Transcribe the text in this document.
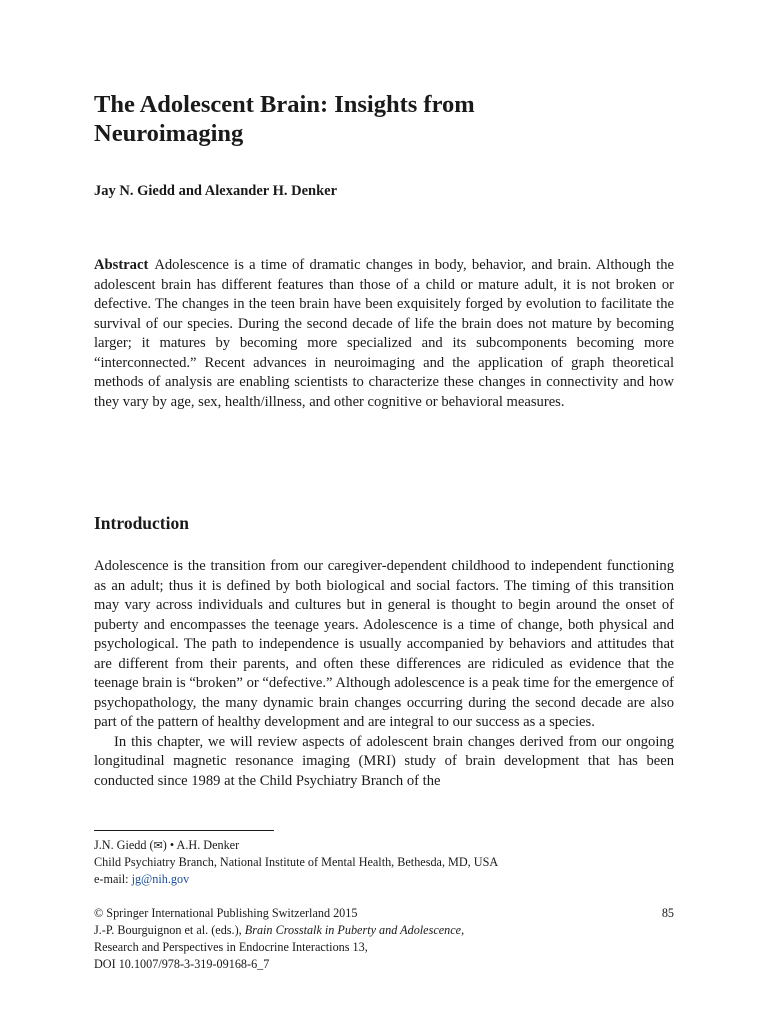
The Adolescent Brain: Insights from
Neuroimaging

Jay N. Giedd and Alexander H. Denker

Abstract Adolescence is a time of dramatic changes in body, behavior, and brain. Although the adolescent brain has different features than those of a child or mature adult, it is not broken or defective. The changes in the teen brain have been exquisitely forged by evolution to facilitate the survival of our species. During the second decade of life the brain does not mature by becoming larger; it matures by becoming more specialized and its subcomponents becoming more “interconnected.” Recent advances in neuroimaging and the application of graph theoretical methods of analysis are enabling scientists to characterize these changes in connectivity and how they vary by age, sex, health/illness, and other cognitive or behavioral measures.

Introduction

Adolescence is the transition from our caregiver-dependent childhood to independent functioning as an adult; thus it is defined by both biological and social factors. The timing of this transition may vary across individuals and cultures but in general is thought to begin around the onset of puberty and encompasses the teenage years. Adolescence is a time of change, both physical and psychological. The path to independence is usually accompanied by behaviors and attitudes that are different from their parents, and often these differences are ridiculed as evidence that the teenage brain is “broken” or “defective.” Although adolescence is a peak time for the emergence of psychopathology, the many dynamic brain changes occurring during the second decade are also part of the pattern of healthy development and are integral to our success as a species.

In this chapter, we will review aspects of adolescent brain changes derived from our ongoing longitudinal magnetic resonance imaging (MRI) study of brain development that has been conducted since 1989 at the Child Psychiatry Branch of the

J.N. Giedd (✉) • A.H. Denker
Child Psychiatry Branch, National Institute of Mental Health, Bethesda, MD, USA
e-mail: jg@nih.gov
© Springer International Publishing Switzerland 2015	85
J.-P. Bourguignon et al. (eds.), Brain Crosstalk in Puberty and Adolescence,
Research and Perspectives in Endocrine Interactions 13,
DOI 10.1007/978-3-319-09168-6_7
